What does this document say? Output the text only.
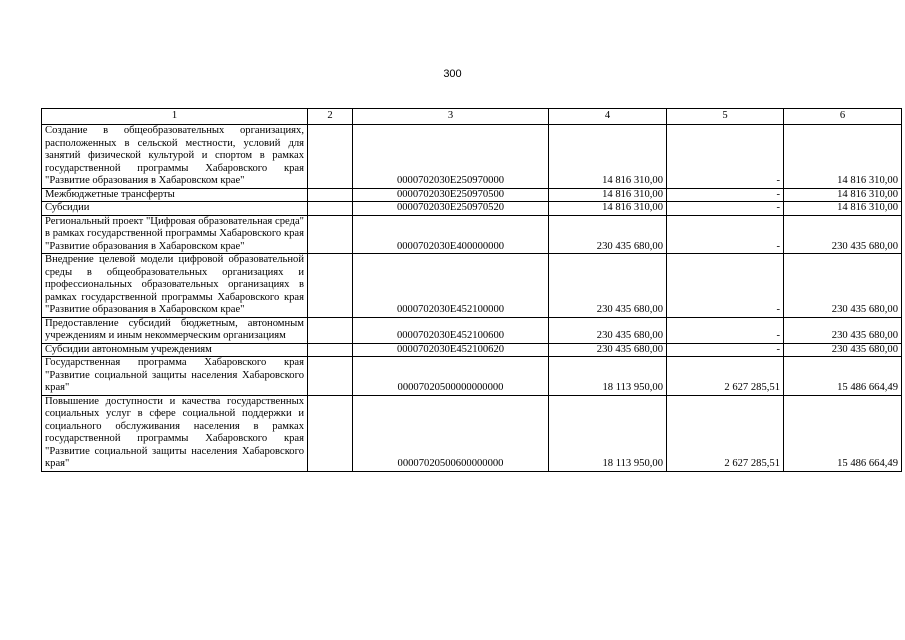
300
1	2	3	4	5	6
Создание в общеобразовательных организациях, расположенных в сельской местности, условий для занятий физической культурой и спортом в рамках государственной программы Хабаровского края "Развитие образования в Хабаровском крае"		0000702030Е250970000	14 816 310,00	-	14 816 310,00
Межбюджетные трансферты		0000702030Е250970500	14 816 310,00	-	14 816 310,00
Субсидии		0000702030Е250970520	14 816 310,00	-	14 816 310,00
Региональный проект "Цифровая образовательная среда" в рамках государственной программы Хабаровского края "Развитие образования в Хабаровском крае"		0000702030Е400000000	230 435 680,00	-	230 435 680,00
Внедрение целевой модели цифровой образовательной среды в общеобразовательных организациях и профессиональных образовательных организациях в рамках государственной программы Хабаровского края "Развитие образования в Хабаровском крае"		0000702030Е452100000	230 435 680,00	-	230 435 680,00
Предоставление субсидий бюджетным, автономным учреждениям и иным некоммерческим организациям		0000702030Е452100600	230 435 680,00	-	230 435 680,00
Субсидии автономным учреждениям		0000702030Е452100620	230 435 680,00	-	230 435 680,00
Государственная программа Хабаровского края "Развитие социальной защиты населения Хабаровского края"		00007020500000000000	18 113 950,00	2 627 285,51	15 486 664,49
Повышение доступности и качества государственных социальных услуг в сфере социальной поддержки и социального обслуживания населения в рамках государственной программы Хабаровского края "Развитие социальной защиты населения Хабаровского края"		00007020500600000000	18 113 950,00	2 627 285,51	15 486 664,49
